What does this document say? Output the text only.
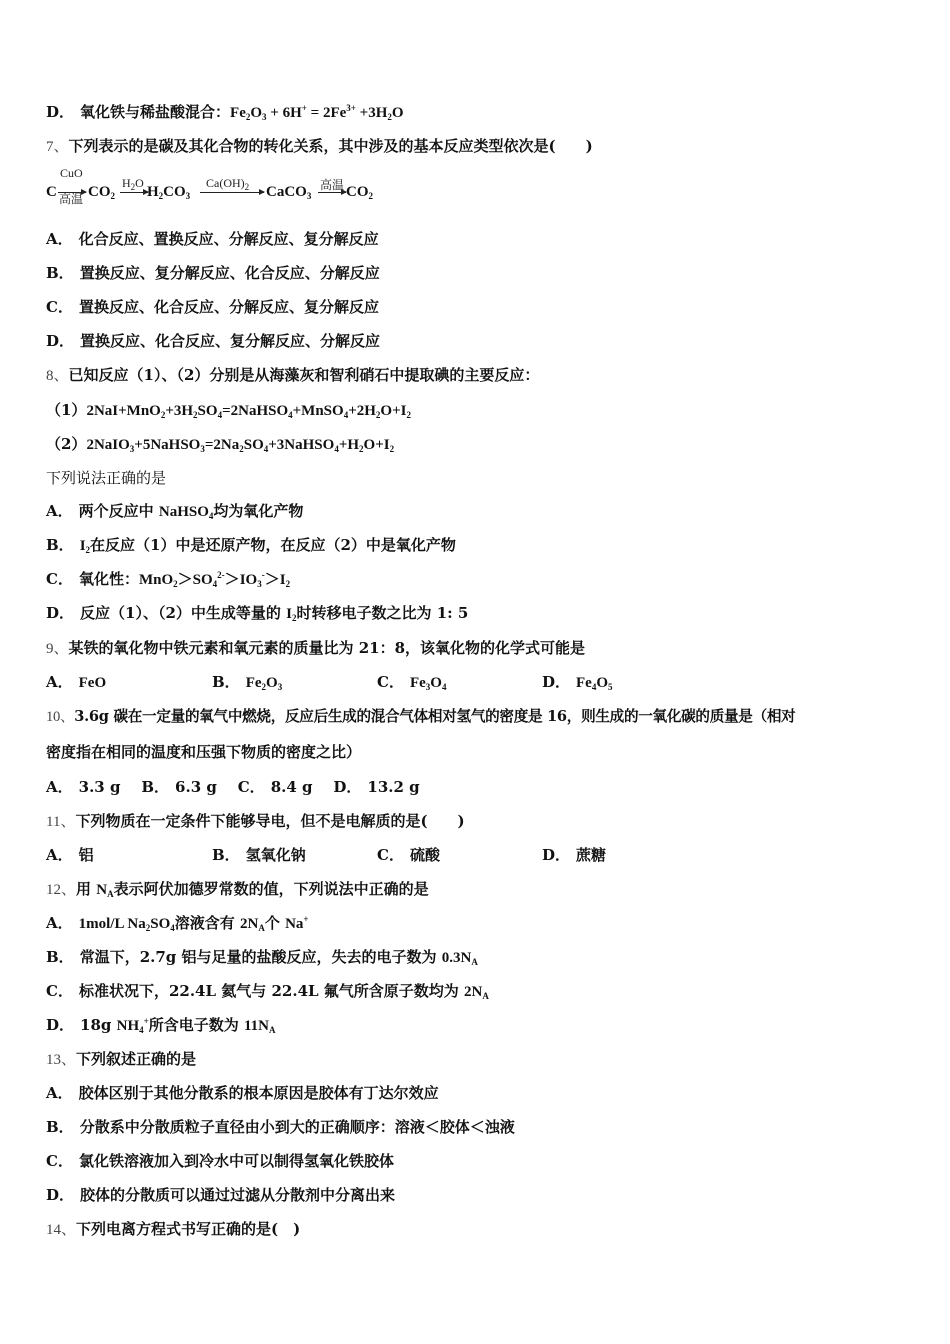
D． 氧化铁与稀盐酸混合：$Fe_2O_3 + 6H^+ = 2Fe^{3+} +3H_2O$
7、下列表示的是碳及其化合物的转化关系，其中涉及的基本反应类型依次是(　　)
C
CuO
高温 $CO_2$
$H_2O$
→ $H_2CO_3$
$Ca(OH)_2$ CaCO$_3$
高温 → $CO_2$
A． 化合反应、置换反应、分解反应、复分解反应
B． 置换反应、复分解反应、化合反应、分解反应
C． 置换反应、化合反应、分解反应、复分解反应
D． 置换反应、化合反应、复分解反应、分解反应
8、已知反应（1）、（2）分别是从海藻灰和智利硝石中提取碘的主要反应：
$(1)2NaI+MnO_2+3H_2SO_4=2NaHSO_4+MnSO_4+2H_2O+I_2$
$(2)2NaIO_3+5NaHSO_3=2Na_2SO_4+3NaHSO_4+H_2O+I_2$
下列说法正确的是
A． 两个反应中 NaHSO$_4$均为氧化产物
B． $I_2$在反应（1）中是还原产物，在反应（2）中是氧化产物
C． 氧化性：$MnO_2>SO_4^{2-}>IO_3^->I_2$
D． 反应（1）、（2）中生成等量的 $I_2$时转移电子数之比为 1: 5
9、某铁的氧化物中铁元素和氧元素的质量比为 21：8，该氧化物的化学式可能是
A． FeO	B． $Fe_2O_3$	C． $Fe_3O_4$	D． $Fe_4O_5$
10、3.6g 碳在一定量的氧气中燃烧，反应后生成的混合气体相对氢气的密度是 16，则生成的一氧化碳的质量是（相对
密度指在相同的温度和压强下物质的密度之比）
A． 3.3 g B． 6.3 g C． 8.4 g D． 13.2 g
11、下列物质在一定条件下能够导电，但不是电解质的是(　　)
A． 铝	B． 氢氧化钠	C． 硫酸	D． 蔗糖
12、用 $N_A$表示阿伏加德罗常数的值，下列说法中正确的是
A． 1mol/L $Na_2SO_4$溶液含有 $2N_A$个 Na+
B． 常温下，2.7g 铝与足量的盐酸反应，失去的电子数为 $0.3N_A$
C． 标准状况下，22.4L 氦气与 22.4L 氟气所含原子数均为 $2N_A$
D． 18g $NH_4^+$所含电子数为 $11N_A$
13、下列叙述正确的是
A． 胶体区别于其他分散系的根本原因是胶体有丁达尔效应
B． 分散系中分散质粒子直径由小到大的正确顺序：溶液＜胶体＜浊液
C． 氯化铁溶液加入到冷水中可以制得氢氧化铁胶体
D． 胶体的分散质可以通过过滤从分散剂中分离出来
14、下列电离方程式书写正确的是(　)
